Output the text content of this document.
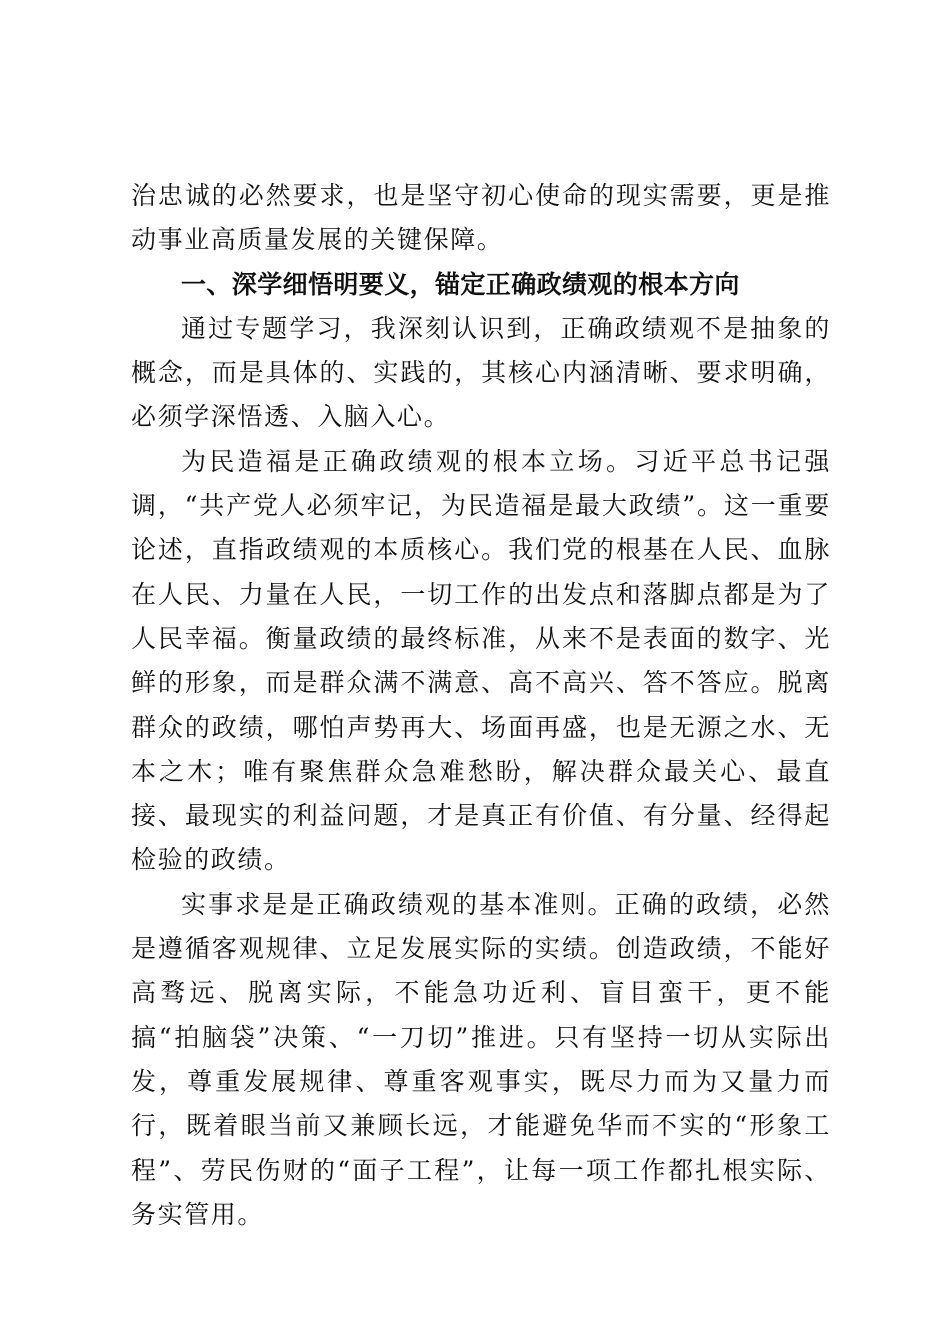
治忠诚的必然要求，也是坚守初心使命的现实需要，更是推动事业高质量发展的关键保障。

一、深学细悟明要义，锚定正确政绩观的根本方向

通过专题学习，我深刻认识到，正确政绩观不是抽象的概念，而是具体的、实践的，其核心内涵清晰、要求明确，必须学深悟透、入脑入心。

为民造福是正确政绩观的根本立场。习近平总书记强调，“共产党人必须牢记，为民造福是最大政绩”。这一重要论述，直指政绩观的本质核心。我们党的根基在人民、血脉在人民、力量在人民，一切工作的出发点和落脚点都是为了人民幸福。衡量政绩的最终标准，从来不是表面的数字、光鲜的形象，而是群众满不满意、高不高兴、答不答应。脱离群众的政绩，哪怕声势再大、场面再盛，也是无源之水、无本之木；唯有聚焦群众急难愁盼，解决群众最关心、最直接、最现实的利益问题，才是真正有价值、有分量、经得起检验的政绩。

实事求是是正确政绩观的基本准则。正确的政绩，必然是遵循客观规律、立足发展实际的实绩。创造政绩，不能好高骛远、脱离实际，不能急功近利、盲目蛮干，更不能搞“拍脑袋”决策、“一刀切”推进。只有坚持一切从实际出发，尊重发展规律、尊重客观事实，既尽力而为又量力而行，既着眼当前又兼顾长远，才能避免华而不实的“形象工程”、劳民伤财的“面子工程”，让每一项工作都扎根实际、务实管用。
